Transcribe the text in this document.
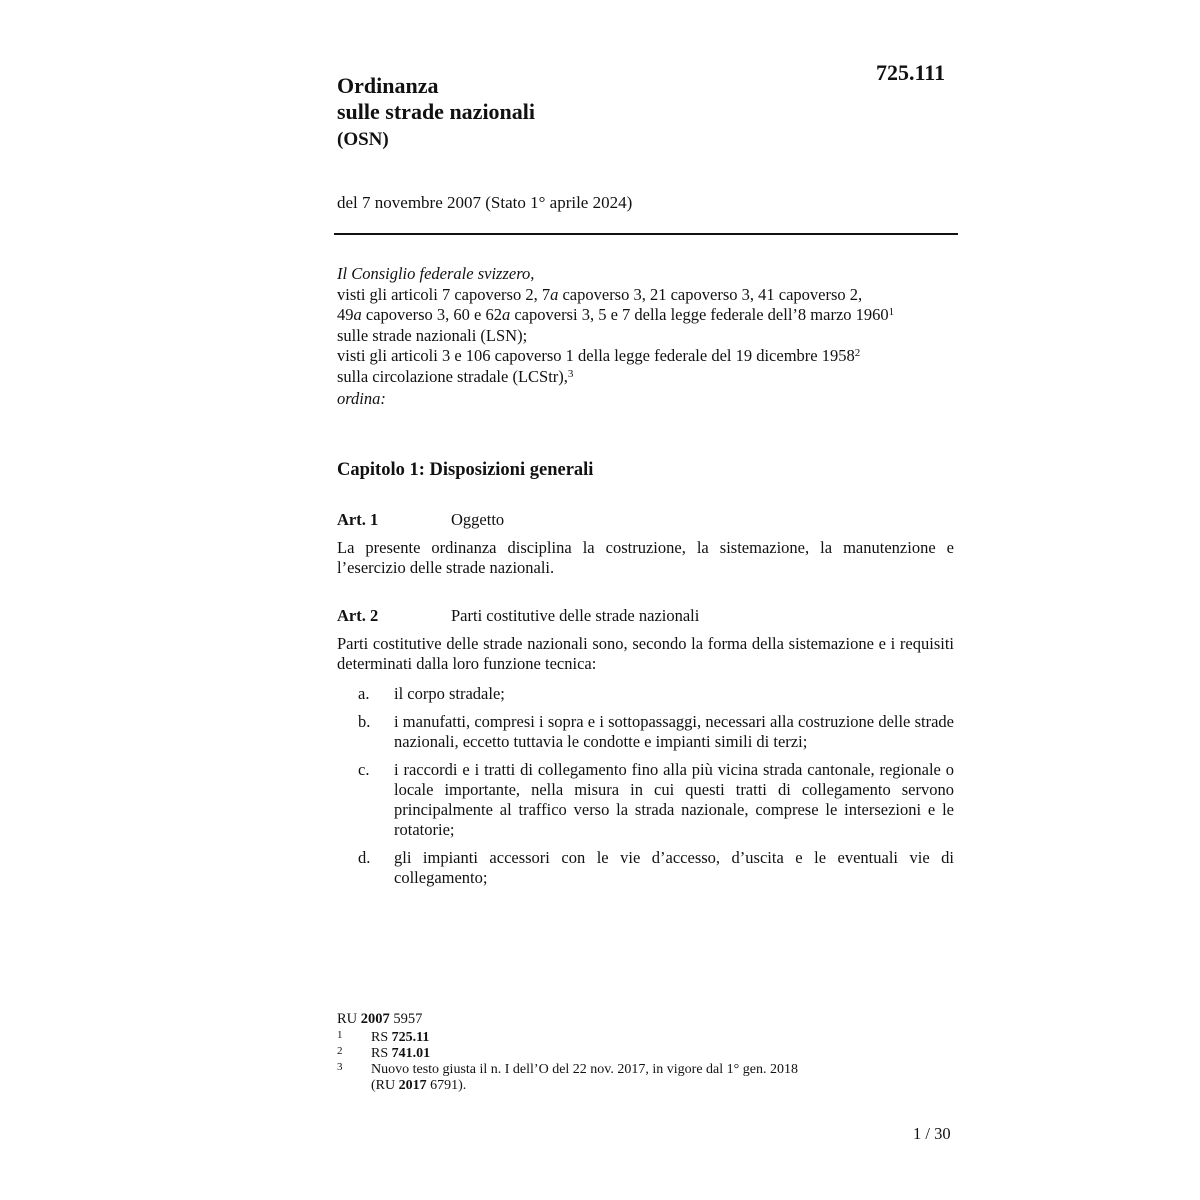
725.111
Ordinanza
sulle strade nazionali
(OSN)
del 7 novembre 2007 (Stato 1° aprile 2024)

Il Consiglio federale svizzero,

visti gli articoli 7 capoverso 2, 7a capoverso 3, 21 capoverso 3, 41 capoverso 2,

49a capoverso 3, 60 e 62a capoversi 3, 5 e 7 della legge federale dell’8 marzo 1960$^1$

sulle strade nazionali (LSN);

visti gli articoli 3 e 106 capoverso 1 della legge federale del 19 dicembre 1958$^2$

sulla circolazione stradale (LCStr),$^3$

ordina:

Capitolo 1: Disposizioni generali
Art. 1	Oggetto
La presente ordinanza disciplina la costruzione, la sistemazione, la manutenzione e l’esercizio delle strade nazionali.
Art. 2	Parti costitutive delle strade nazionali
Parti costitutive delle strade nazionali sono, secondo la forma della sistemazione e i requisiti determinati dalla loro funzione tecnica:
a. il corpo stradale;
b. i manufatti, compresi i sopra e i sottopassaggi, necessari alla costruzione delle strade nazionali, eccetto tuttavia le condotte e impianti simili di terzi;
c. i raccordi e i tratti di collegamento fino alla più vicina strada cantonale, regionale o locale importante, nella misura in cui questi tratti di collegamento servono principalmente al traffico verso la strada nazionale, comprese le intersezioni e le rotatorie;
d. gli impianti accessori con le vie d’accesso, d’uscita e le eventuali vie di collegamento;
RU 2007 5957
1 RS 725.11
2 RS 741.01
3 Nuovo testo giusta il n. I dell’O del 22 nov. 2017, in vigore dal 1° gen. 2018
(RU 2017 6791).
1 / 30
